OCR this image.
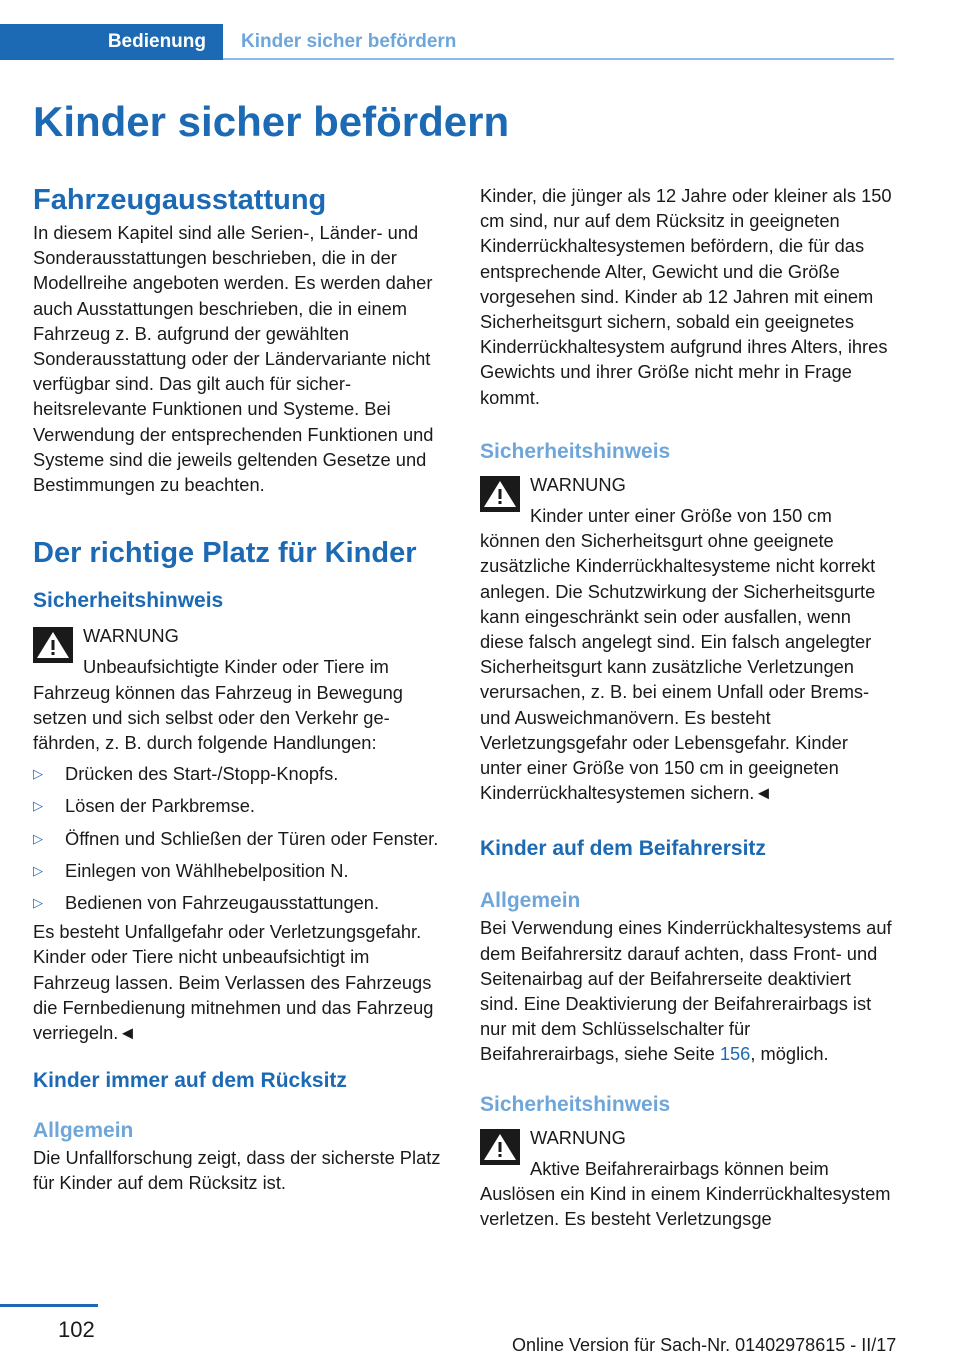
Bedienung	Kinder sicher befördern
Kinder sicher befördern
Fahrzeugausstattung

In diesem Kapitel sind alle Serien-, Länder- und Sonderausstattungen beschrieben, die in der Modellreihe angeboten werden. Es werden daher auch Ausstattungen beschrieben, die in einem Fahrzeug z. B. aufgrund der gewählten Sonderausstattung oder der Ländervariante nicht verfügbar sind. Das gilt auch für sicherheitsrelevante Funktionen und Systeme. Bei Verwendung der entsprechenden Funktionen und Systeme sind die jeweils geltenden Gesetze und Bestimmungen zu beachten.

Der richtige Platz für Kinder
Sicherheitshinweis

WARNUNG

Unbeaufsichtigte Kinder oder Tiere im

Fahrzeug können das Fahrzeug in Bewegung setzen und sich selbst oder den Verkehr gefährden, z. B. durch folgende Handlungen:

▷ Drücken des Start-/Stopp-Knopfs.
▷ Lösen der Parkbremse.
▷ Öffnen und Schließen der Türen oder Fenster.
▷ Einlegen von Wählhebelposition N.
▷ Bedienen von Fahrzeugausstattungen.

Es besteht Unfallgefahr oder Verletzungsgefahr. Kinder oder Tiere nicht unbeaufsichtigt im Fahrzeug lassen. Beim Verlassen des Fahrzeugs die Fernbedienung mitnehmen und das Fahrzeug verriegeln.◄

Kinder immer auf dem Rücksitz
Allgemein

Die Unfallforschung zeigt, dass der sicherste Platz für Kinder auf dem Rücksitz ist.

Kinder, die jünger als 12 Jahre oder kleiner als 150 cm sind, nur auf dem Rücksitz in geeigneten Kinderrückhaltesystemen befördern, die für das entsprechende Alter, Gewicht und die Größe vorgesehen sind. Kinder ab 12 Jahren mit einem Sicherheitsgurt sichern, sobald ein geeignetes Kinderrückhaltesystem aufgrund ihres Alters, ihres Gewichts und ihrer Größe nicht mehr in Frage kommt.

Sicherheitshinweis

WARNUNG

Kinder unter einer Größe von 150 cm

können den Sicherheitsgurt ohne geeignete zusätzliche Kinderrückhaltesysteme nicht korrekt anlegen. Die Schutzwirkung der Sicherheitsgurte kann eingeschränkt sein oder ausfallen, wenn diese falsch angelegt sind. Ein falsch angelegter Sicherheitsgurt kann zusätzliche Verletzungen verursachen, z. B. bei einem Unfall oder Brems- und Ausweichmanövern. Es besteht Verletzungsgefahr oder Lebensgefahr. Kinder unter einer Größe von 150 cm in geeigneten Kinderrückhaltesystemen sichern.◄

Kinder auf dem Beifahrersitz
Allgemein

Bei Verwendung eines Kinderrückhaltesystems auf dem Beifahrersitz darauf achten, dass Front- und Seitenairbag auf der Beifahrerseite deaktiviert sind. Eine Deaktivierung der Beifahrerairbags ist nur mit dem Schlüsselschalter für Beifahrerairbags, siehe Seite 156, möglich.

Sicherheitshinweis

WARNUNG

Aktive Beifahrerairbags können beim

Auslösen ein Kind in einem Kinderrückhaltesystem verletzen. Es besteht Verletzungsge

102
Online Version für Sach-Nr. 01402978615 - II/17
